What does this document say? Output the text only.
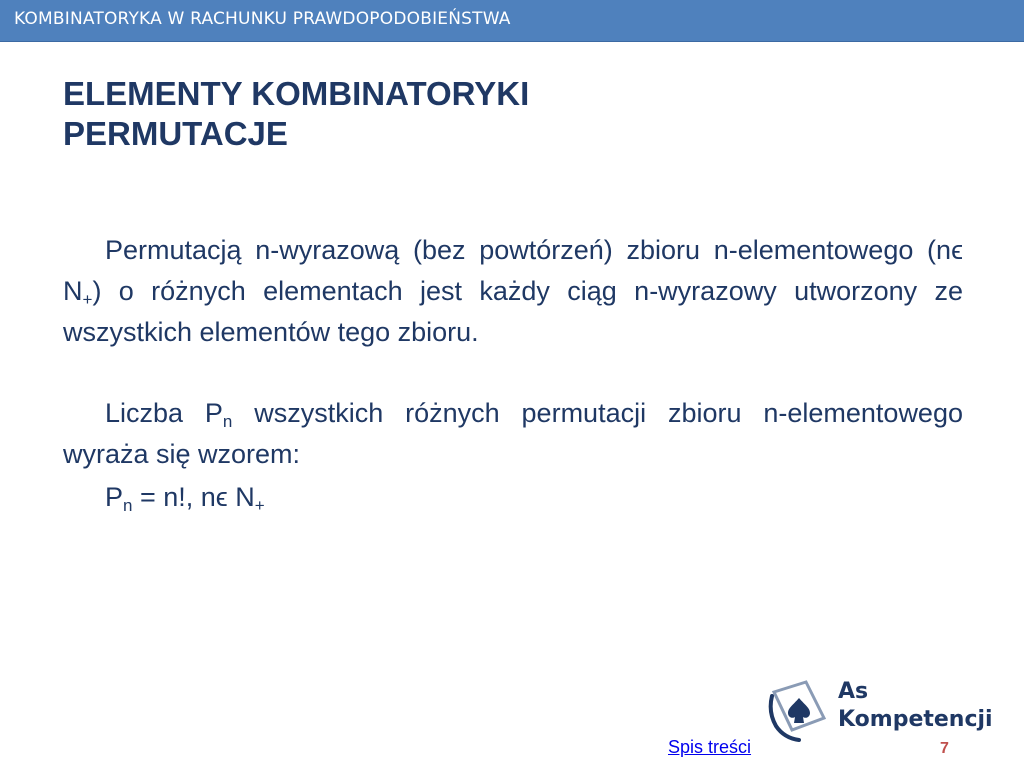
KOMBINATORYKA W RACHUNKU PRAWDOPODOBIEŃSTWA
ELEMENTY KOMBINATORYKI
PERMUTACJE

Permutacją n-wyrazową (bez powtórzeń) zbioru n-elementowego (nϵ $N_+$) o różnych elementach jest każdy ciąg n-wyrazowy utworzony ze wszystkich elementów tego zbioru.

Liczba $P_n$ wszystkich różnych permutacji zbioru n-elementowego wyraża się wzorem:

$P_n = n$!, nϵ $N_+$

As
Kompetencji
Spis treści	7
